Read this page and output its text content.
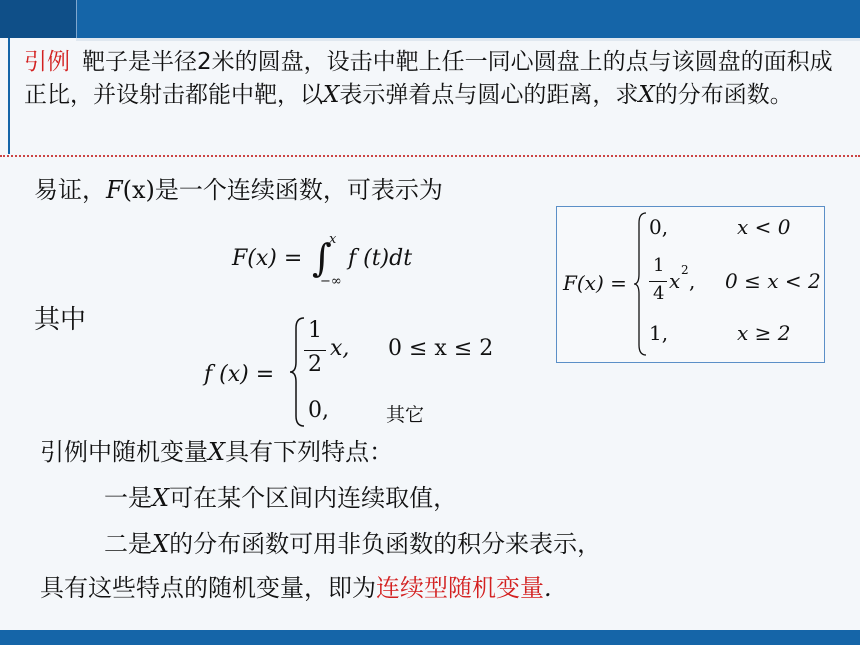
引例 靶子是半径2米的圆盘，设击中靶上任一同心圆盘上的点与该圆盘的面积成正比，并设射击都能中靶，以X表示弹着点与圆心的距离，求X的分布函数。
易证，F(x)是一个连续函数，可表示为
F(x) = ∫
x
−∞
f (t)dt
其中
f (x) =
1
2
x, 0 ≤ x ≤ 2
0,	其它
F(x) =
0,	x < 0
1
4
x 2 , 0 ≤ x < 2
1,	x ≥ 2
引例中随机变量X具有下列特点：
一是X可在某个区间内连续取值，
二是X的分布函数可用非负函数的积分来表示，
具有这些特点的随机变量，即为连续型随机变量.
